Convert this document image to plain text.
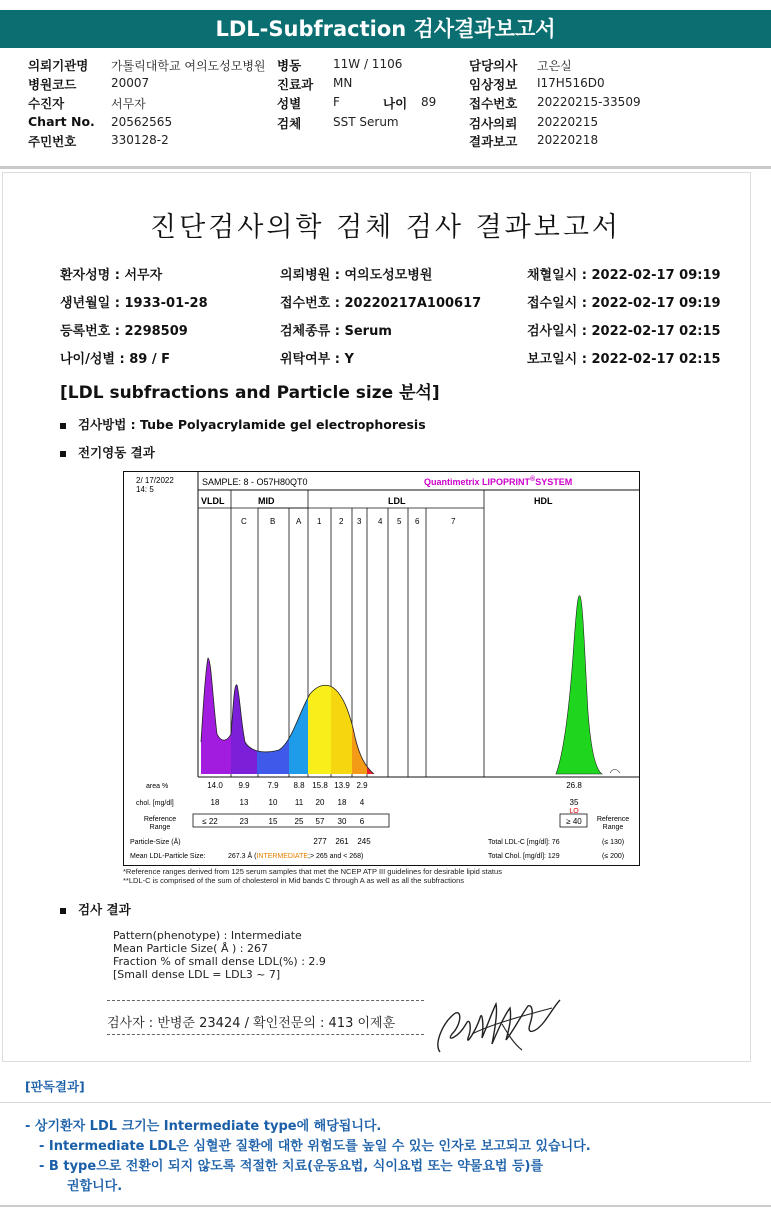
LDL-Subfraction 검사결과보고서
의뢰기관명 가톨릭대학교 여의도성모병원 병동	11W / 1106	담당의사 고은실
병원코드	20007	진료과 MN	임상정보 I17H516D0
수진자	서무자	성별	F	나이 89	접수번호 20220215-33509
Chart No. 20562565	검체	SST Serum	검사의뢰 20220215
주민번호	330128-2	결과보고 20220218
진단검사의학 검체 검사 결과보고서
환자성명 : 서무자	의뢰병원 : 여의도성모병원	채혈일시 : 2022-02-17 09:19
생년월일 : 1933-01-28	접수번호 : 20220217A100617	접수일시 : 2022-02-17 09:19
등록번호 : 2298509	검체종류 : Serum	검사일시 : 2022-02-17 02:15
나이/성별 : 89 / F	위탁여부 : Y	보고일시 : 2022-02-17 02:15
[LDL subfractions and Particle size 분석]
검사방법 : Tube Polyacrylamide gel electrophoresis
전기영동 결과
2/ 17/2022
14: 5
SAMPLE: 8 - O57H80QT0	Quantimetrix LIPOPRINT®SYSTEM
VLDL	MID	LDL	HDL
C	B	A 1 2 3 4 5 6	7
area %	14.0 9.9 7.9 8.8 15.8 13.9 2.9	26.8
chol. [mg/dl]	18	13	10 11 20 18 4	35
LO
Reference
Range
≤ 22	23	15 25 57 30 6	≥ 40 Reference
Range
Particle-Size (Å)	277 261 245	Total LDL-C [mg/dl]: 76	(≤ 130)
Mean LDL-Particle Size:	267.3 Å (INTERMEDIATE;> 265 and < 268)	Total Chol. [mg/dl]: 129	(≤ 200)
*Reference ranges derived from 125 serum samples that met the NCEP ATP III guidelines for desirable lipid status
**LDL-C is comprised of the sum of cholesterol in Mid bands C through A as well as all the subfractions
검사 결과
Pattern(phenotype) : Intermediate
Mean Particle Size( Å ) : 267
Fraction % of small dense LDL(%) : 2.9
[Small dense LDL = LDL3 ~ 7]
검사자 : 반병준 23424 / 확인전문의 : 413 이제훈
[판독결과]
- 상기환자 LDL 크기는 Intermediate type에 해당됩니다.
- Intermediate LDL은 심혈관 질환에 대한 위험도를 높일 수 있는 인자로 보고되고 있습니다.
- B type으로 전환이 되지 않도록 적절한 치료(운동요법, 식이요법 또는 약물요법 등)를
권합니다.
